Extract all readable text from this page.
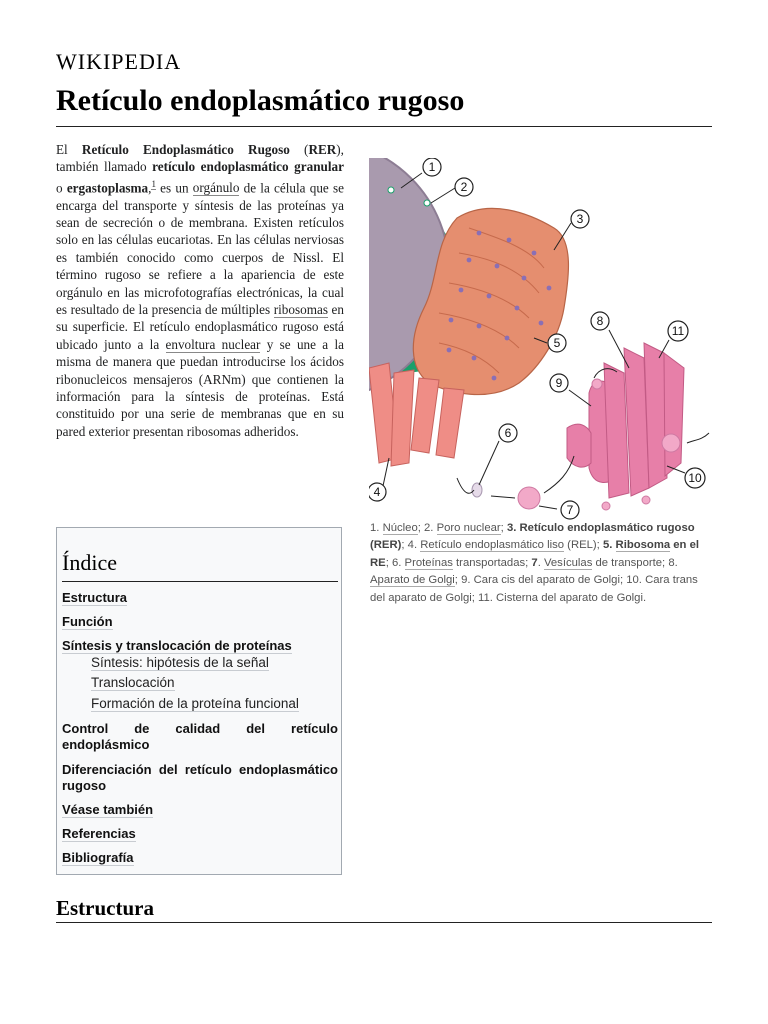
WIKIPEDIA
Retículo endoplasmático rugoso

El Retículo Endoplasmático Rugoso (RER), también llamado retículo endoplasmático granular o ergastoplasma,$^1$ es un orgánulo de la célula que se encarga del transporte y síntesis de las proteínas ya sean de secreción o de membrana. Existen retículos solo en las células eucariotas. En las células nerviosas es también conocido como cuerpos de Nissl. El término rugoso se refiere a la apariencia de este orgánulo en las microfotografías electrónicas, la cual es resultado de la presencia de múltiples ribosomas en su superficie. El retículo endoplasmático rugoso está ubicado junto a la envoltura nuclear y se une a la misma de manera que puedan introducirse los ácidos ribonucleicos mensajeros (ARNm) que contienen la información para la síntesis de proteínas. Está constituido por una serie de membranas que en su pared exterior presentan ribosomas adheridos.

1
2
3
4
5
6
7
8
9
10
11

1. Núcleo; 2. Poro nuclear; 3. Retículo endoplasmático rugoso (RER); 4. Retículo endoplasmático liso (REL); 5. Ribosoma en el RE; 6. Proteínas transportadas; 7. Vesículas de transporte; 8. Aparato de Golgi; 9. Cara cis del aparato de Golgi; 10. Cara trans del aparato de Golgi; 11. Cisterna del aparato de Golgi.

Índice
Estructura
Función
Síntesis y translocación de proteínas
Síntesis: hipótesis de la señal
Translocación
Formación de la proteína funcional
Control de calidad del retículo endoplásmico
Diferenciación del retículo endoplasmático rugoso
Véase también
Referencias
Bibliografía
Estructura
